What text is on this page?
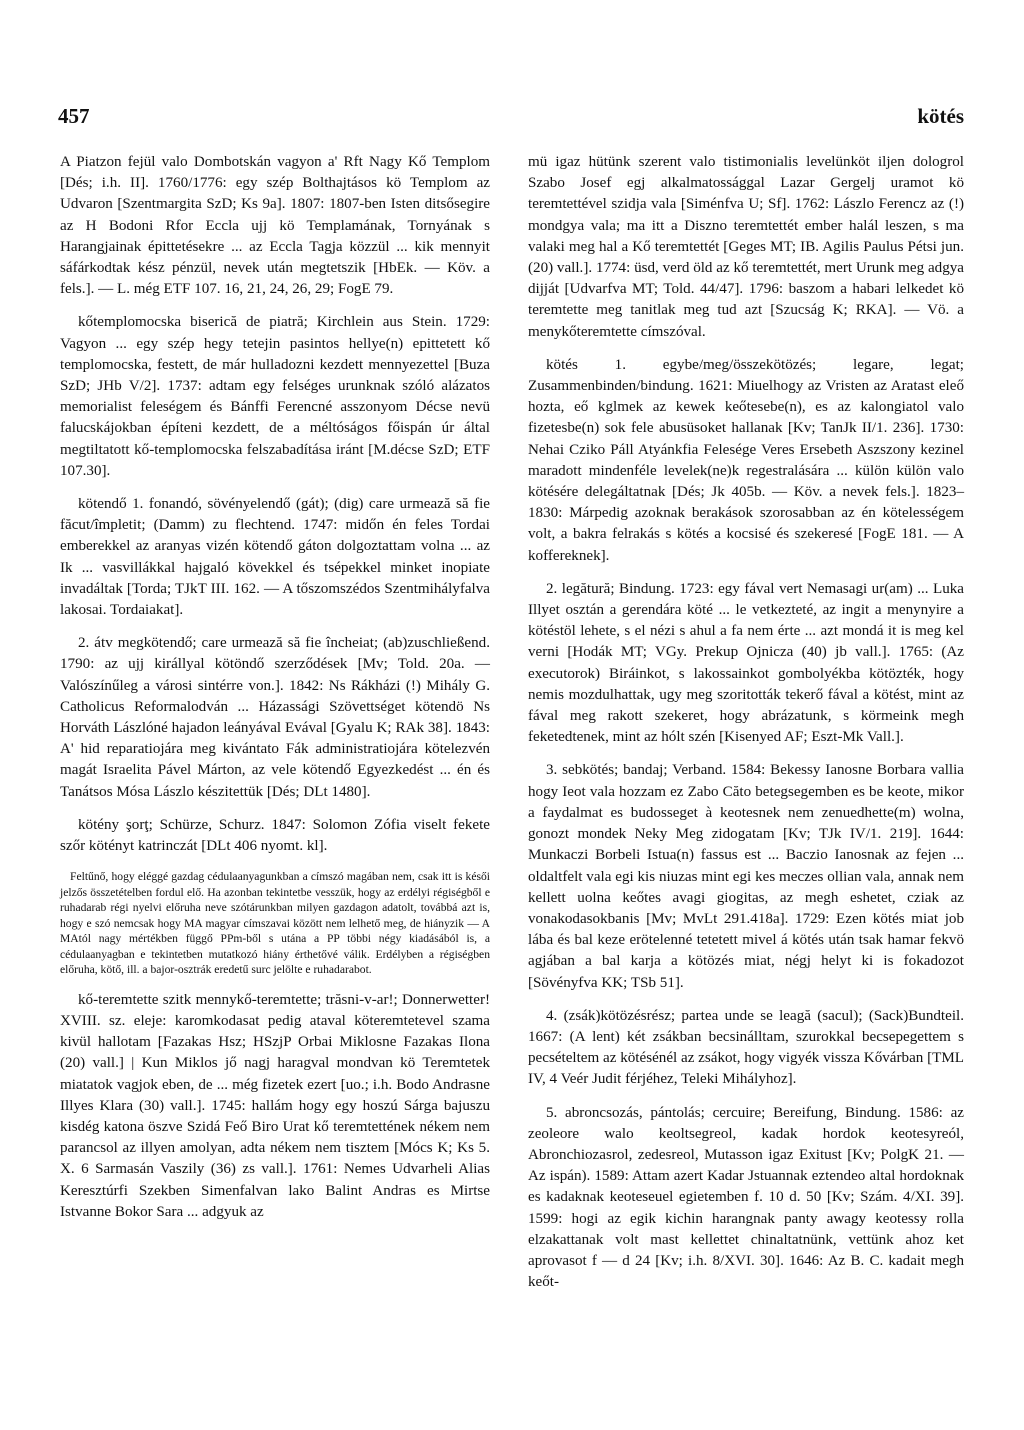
457	kötés

A Piatzon fejül valo Dombotskán vagyon a' Rft Nagy Kő Templom [Dés; i.h. II]. 1760/1776: egy szép Bolthajtásos kö Templom az Udvaron [Szentmargita SzD; Ks 9a]. 1807: 1807-ben Isten ditsősegire az H Bodoni Rfor Eccla ujj kö Templamának, Tornyának s Harangjainak épittetésekre ... az Eccla Tagja közzül ... kik mennyit sáfárkodtak kész pénzül, nevek után megtetszik [HbEk. — Köv. a fels.]. — L. még ETF 107. 16, 21, 24, 26, 29; FogE 79.

kőtemplomocska biserică de piatră; Kirchlein aus Stein. 1729: Vagyon ... egy szép hegy tetejin pasintos hellye(n) epittetett kő templomocska, festett, de már hulladozni kezdett mennyezettel [Buza SzD; JHb V/2]. 1737: adtam egy felséges urunknak szóló alázatos memorialist feleségem és Bánffi Ferencné asszonyom Décse nevü falucskájokban építeni kezdett, de a méltóságos főispán úr által megtiltatott kő-templomocska felszabadítása iránt [M.décse SzD; ETF 107.30].

kötendő 1. fonandó, sövényelendő (gát); (dig) care urmează să fie făcut/împletit; (Damm) zu flechtend. 1747: midőn én feles Tordai emberekkel az aranyas vizén kötendő gáton dolgoztattam volna ... az Ik ... vasvillákkal hajgaló kövekkel és tsépekkel minket inopiate invadáltak [Torda; TJkT III. 162. — A tőszomszédos Szentmihályfalva lakosai. Tordaiakat].

2. átv megkötendő; care urmează să fie încheiat; (ab)zuschließend. 1790: az ujj királlyal kötöndő szerződések [Mv; Told. 20a. — Valószínűleg a városi sintérre von.]. 1842: Ns Rákházi (!) Mihály G. Catholicus Reformalodván ... Házassági Szövettséget kötendö Ns Horváth Lászlóné hajadon leányával Evával [Gyalu K; RAk 38]. 1843: A' hid reparatiojára meg kivántato Fák administratiojára kötelezvén magát Israelita Pável Márton, az vele kötendő Egyezkedést ... én és Tanátsos Mósa Lászlo készitettük [Dés; DLt 1480].

kötény şorţ; Schürze, Schurz. 1847: Solomon Zófia viselt fekete szőr kötényt katrinczát [DLt 406 nyomt. kl].

Feltűnő, hogy eléggé gazdag cédulaanyagunkban a címszó magában nem, csak itt is késői jelzős összetételben fordul elő. Ha azonban tekintetbe vesszük, hogy az erdélyi régiségből e ruhadarab régi nyelvi előruha neve szótárunkban milyen gazdagon adatolt, továbbá azt is, hogy e szó nemcsak hogy MA magyar címszavai között nem lelhető meg, de hiányzik — A MAtól nagy mértékben függő PPm-ből s utána a PP többi négy kiadásából is, a cédulaanyagban e tekintetben mutatkozó hiány érthetővé válik. Erdélyben a régiségben előruha, kötő, ill. a bajor-osztrák eredetű surc jelölte e ruhadarabot.

kő-teremtette szitk mennykő-teremtette; trăsni-v-ar!; Donnerwetter! XVIII. sz. eleje: karomkodasat pedig ataval köteremtetevel szama kivül hallotam [Fazakas Hsz; HSzjP Orbai Miklosne Fazakas Ilona (20) vall.] | Kun Miklos jő nagj haragval mondvan kö Teremtetek miatatok vagjok eben, de ... még fizetek ezert [uo.; i.h. Bodo Andrasne Illyes Klara (30) vall.]. 1745: hallám hogy egy hoszú Sárga bajuszu kisdég katona öszve Szidá Feő Biro Urat kő teremtettének nékem nem parancsol az illyen amolyan, adta nékem nem tisztem [Mócs K; Ks 5. X. 6 Sarmasán Vaszily (36) zs vall.]. 1761: Nemes Udvarheli Alias Keresztúrfi Szekben Simenfalvan lako Balint Andras es Mirtse Istvanne Bokor Sara ... adgyuk az

mü igaz hütünk szerent valo tistimonialis levelünköt iljen dologrol Szabo Josef egj alkalmatossággal Lazar Gergelj uramot kö teremtettével szidja vala [Siménfva U; Sf]. 1762: Lászlo Ferencz az (!) mondgya vala; ma itt a Diszno teremtettét ember halál leszen, s ma valaki meg hal a Kő teremtettét [Geges MT; IB. Agilis Paulus Pétsi jun. (20) vall.]. 1774: üsd, verd öld az kő teremtettét, mert Urunk meg adgya dijját [Udvarfva MT; Told. 44/47]. 1796: baszom a habari lelkedet kö teremtette meg tanitlak meg tud azt [Szucság K; RKA]. — Vö. a menykőteremtette címszóval.

kötés 1. egybe/meg/összekötözés; legare, legat; Zusammenbinden/bindung. 1621: Miuelhogy az Vristen az Aratast eleő hozta, eő kglmek az kewek keőtesebe(n), es az kalongiatol valo fizetesbe(n) sok fele abusüsoket hallanak [Kv; TanJk II/1. 236]. 1730: Nehai Cziko Páll Atyánkfia Felesége Veres Ersebeth Aszszony kezinel maradott mindenféle levelek(ne)k regestralására ... külön külön valo kötésére delegáltatnak [Dés; Jk 405b. — Köv. a nevek fels.]. 1823–1830: Márpedig azoknak berakások szorosabban az én kötelességem volt, a bakra felrakás s kötés a kocsisé és szekeresé [FogE 181. — A koffereknek].

2. legătură; Bindung. 1723: egy fával vert Nemasagi ur(am) ... Luka Illyet osztán a gerendára köté ... le vetkezteté, az ingit a menynyire a kötéstöl lehete, s el nézi s ahul a fa nem érte ... azt mondá it is meg kel verni [Hodák MT; VGy. Prekup Ojnicza (40) jb vall.]. 1765: (Az executorok) Biráinkot, s lakossainkot gombolyékba kötözték, hogy nemis mozdulhattak, ugy meg szoritották tekerő fával a kötést, mint az fával meg rakott szekeret, hogy abrázatunk, s körmeink megh feketedtenek, mint az hólt szén [Kisenyed AF; Eszt-Mk Vall.].

3. sebkötés; bandaj; Verband. 1584: Bekessy Ianosne Borbara vallia hogy Ieot vala hozzam ez Zabo Căto betegsegemben es be keote, mikor a faydalmat es budosseget à keotesnek nem zenuedhette(m) wolna, gonozt mondek Neky Meg zidogatam [Kv; TJk IV/1. 219]. 1644: Munkaczi Borbeli Istua(n) fassus est ... Baczio Ianosnak az fejen ... oldaltfelt vala egi kis niuzas mint egi kes meczes ollian vala, annak nem kellett uolna keőtes avagi giogitas, az megh eshetet, cziak az vonakodasokbanis [Mv; MvLt 291.418a]. 1729: Ezen kötés miat job lába és bal keze erötelenné tetetett mivel á kötés után tsak hamar fekvö agjában a bal karja a kötözés miat, négj helyt ki is fokadozot [Sövényfva KK; TSb 51].

4. (zsák)kötözésrész; partea unde se leagă (sacul); (Sack)Bundteil. 1667: (A lent) két zsákban becsinálltam, szurokkal becsepegettem s pecsételtem az kötésénél az zsákot, hogy vigyék vissza Kővárban [TML IV, 4 Veér Judit férjéhez, Teleki Mihályhoz].

5. abroncsozás, pántolás; cercuire; Bereifung, Bindung. 1586: az zeoleore walo keoltsegreol, kadak hordok keotesyreól, Abronchiozasrol, zedesreol, Mutasson igaz Exitust [Kv; PolgK 21. — Az ispán). 1589: Attam azert Kadar Jstuannak eztendeo altal hordoknak es kadaknak keoteseuel egietemben f. 10 d. 50 [Kv; Szám. 4/XI. 39]. 1599: hogi az egik kichin harangnak panty awagy keotessy rolla elzakattanak volt mast kellettet chinaltatnünk, vettünk ahoz ket aprovasot f — d 24 [Kv; i.h. 8/XVI. 30]. 1646: Az B. C. kadait megh keőt-
